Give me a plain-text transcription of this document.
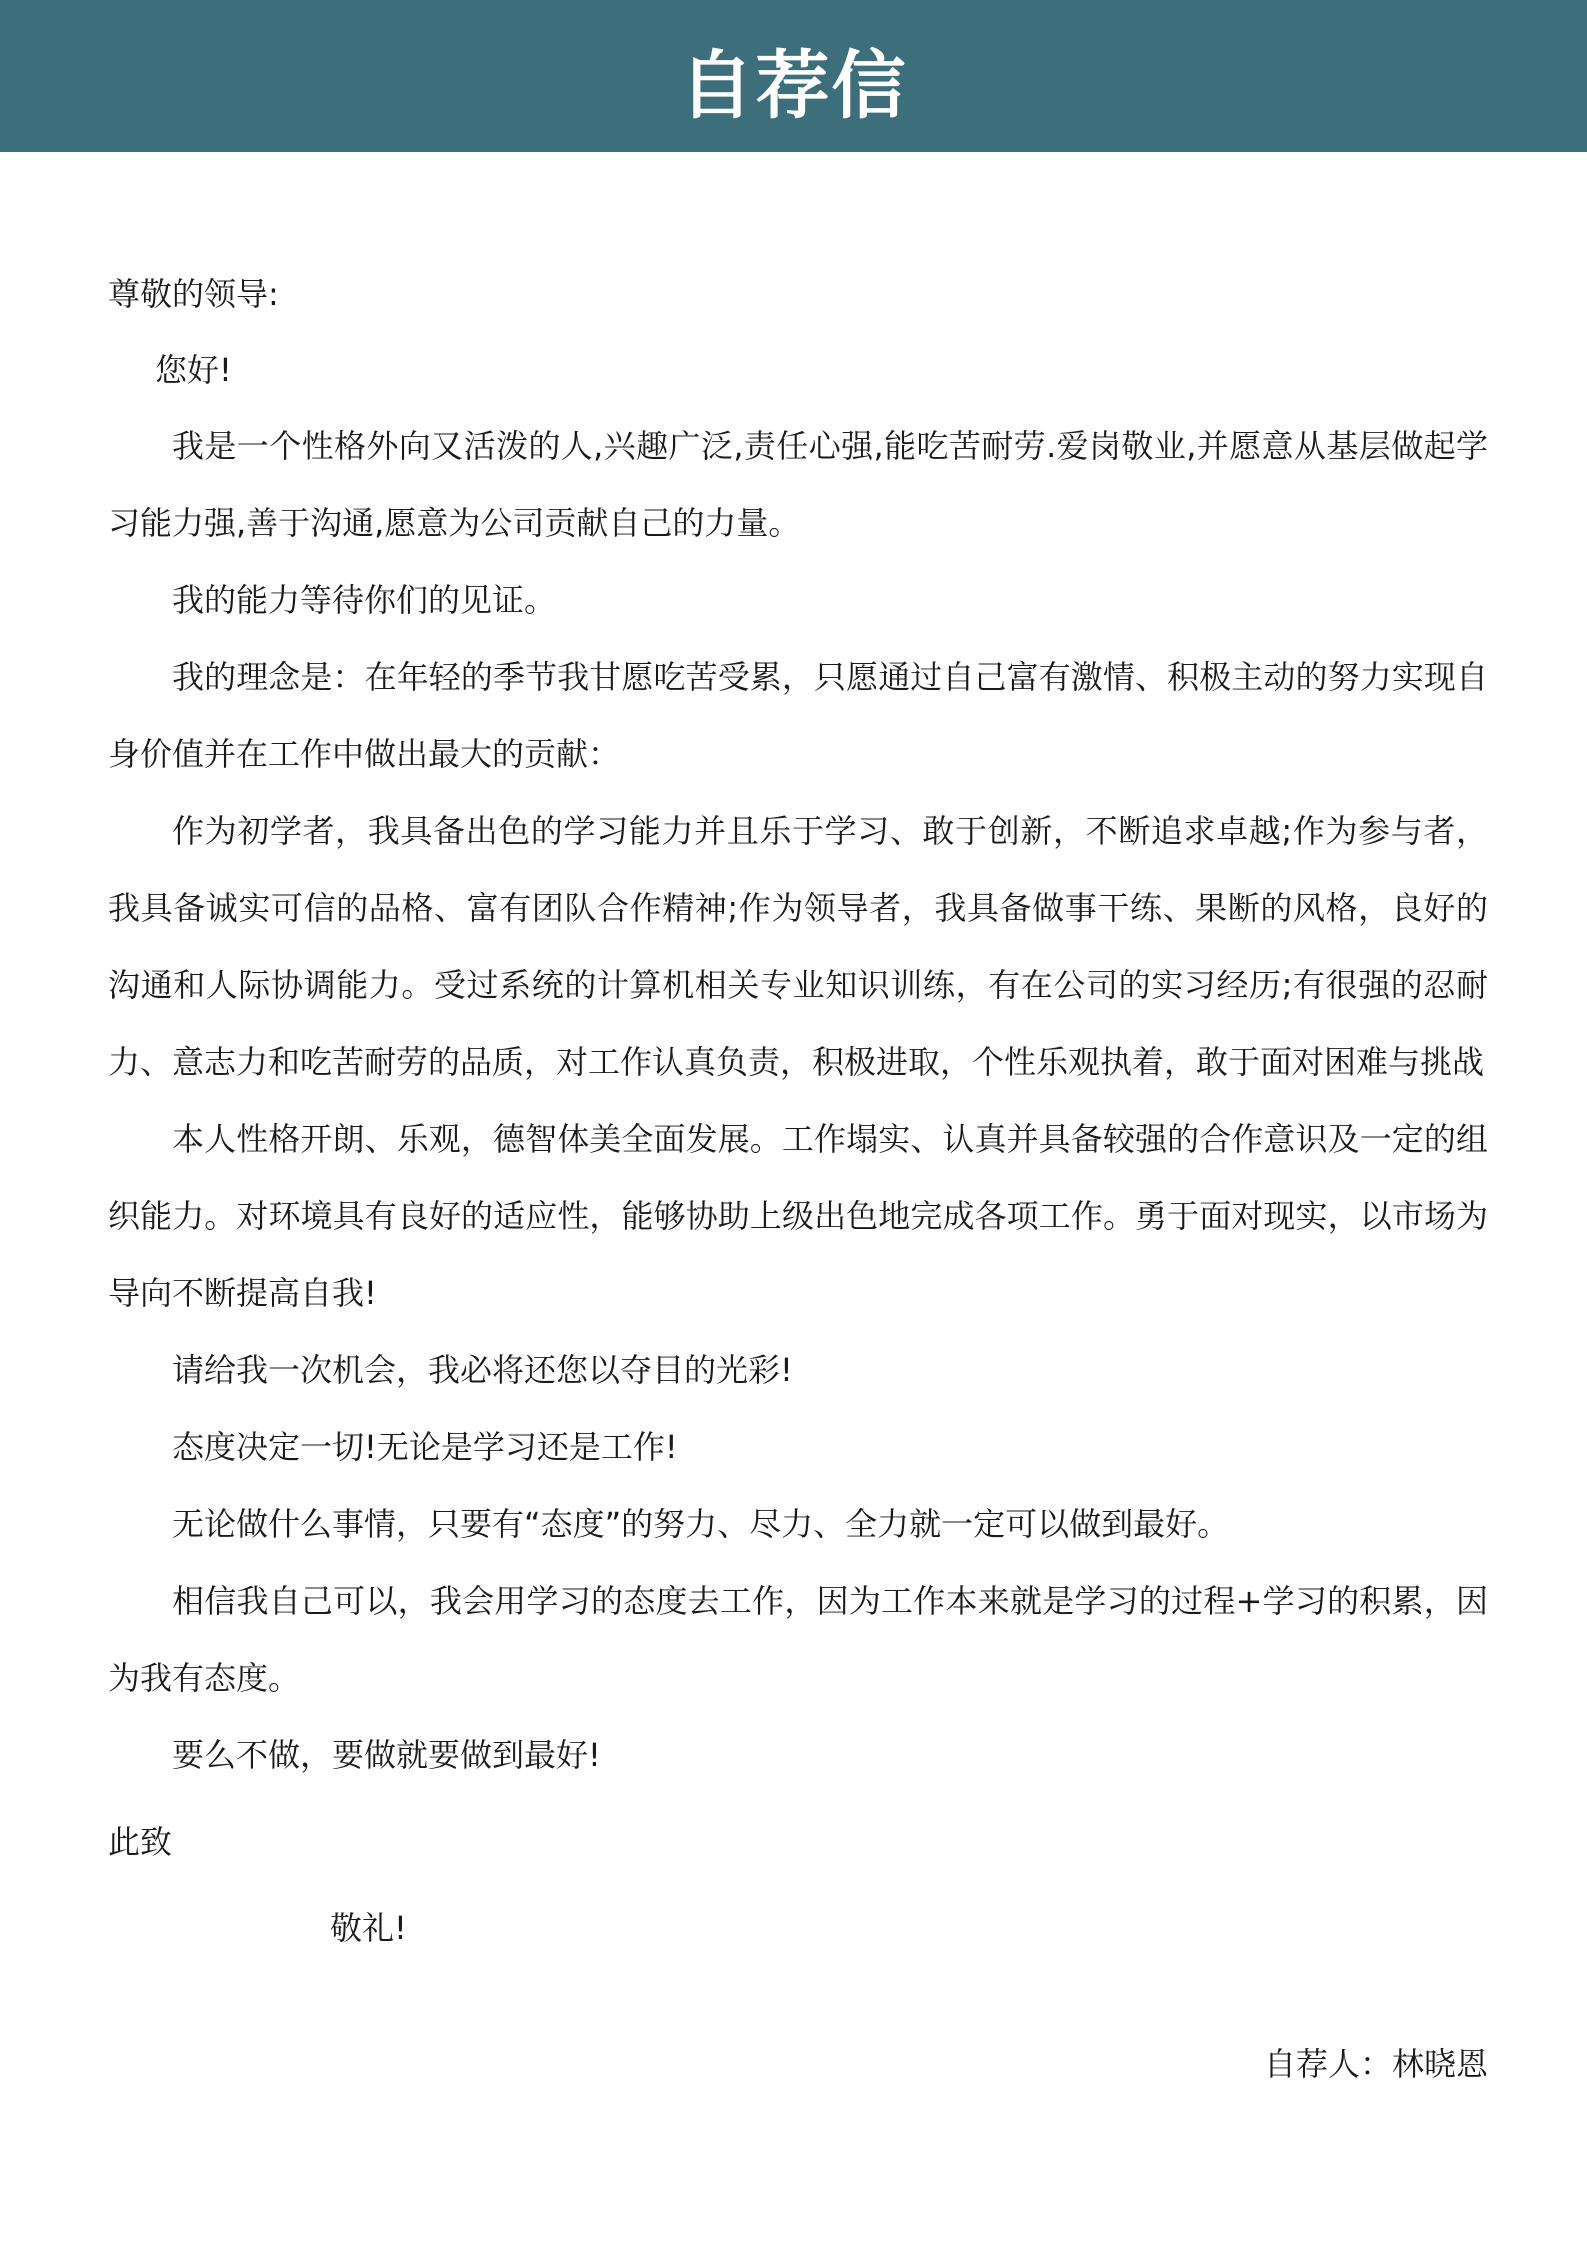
自荐信

尊敬的领导:

您好!

我是一个性格外向又活泼的人,兴趣广泛,责任心强,能吃苦耐劳.爱岗敬业,并愿意从基层做起学习能力强,善于沟通,愿意为公司贡献自己的力量。

我的能力等待你们的见证。

我的理念是：在年轻的季节我甘愿吃苦受累，只愿通过自己富有激情、积极主动的努力实现自身价值并在工作中做出最大的贡献：

作为初学者，我具备出色的学习能力并且乐于学习、敢于创新，不断追求卓越;作为参与者，我具备诚实可信的品格、富有团队合作精神;作为领导者，我具备做事干练、果断的风格，良好的沟通和人际协调能力。受过系统的计算机相关专业知识训练，有在公司的实习经历;有很强的忍耐力、意志力和吃苦耐劳的品质，对工作认真负责，积极进取，个性乐观执着，敢于面对困难与挑战

本人性格开朗、乐观，德智体美全面发展。工作塌实、认真并具备较强的合作意识及一定的组织能力。对环境具有良好的适应性，能够协助上级出色地完成各项工作。勇于面对现实，以市场为导向不断提高自我!

请给我一次机会，我必将还您以夺目的光彩!

态度决定一切!无论是学习还是工作!

无论做什么事情，只要有“态度”的努力、尽力、全力就一定可以做到最好。

相信我自己可以，我会用学习的态度去工作，因为工作本来就是学习的过程+学习的积累，因为我有态度。

要么不做，要做就要做到最好!

此致

敬礼!

自荐人：林晓恩
